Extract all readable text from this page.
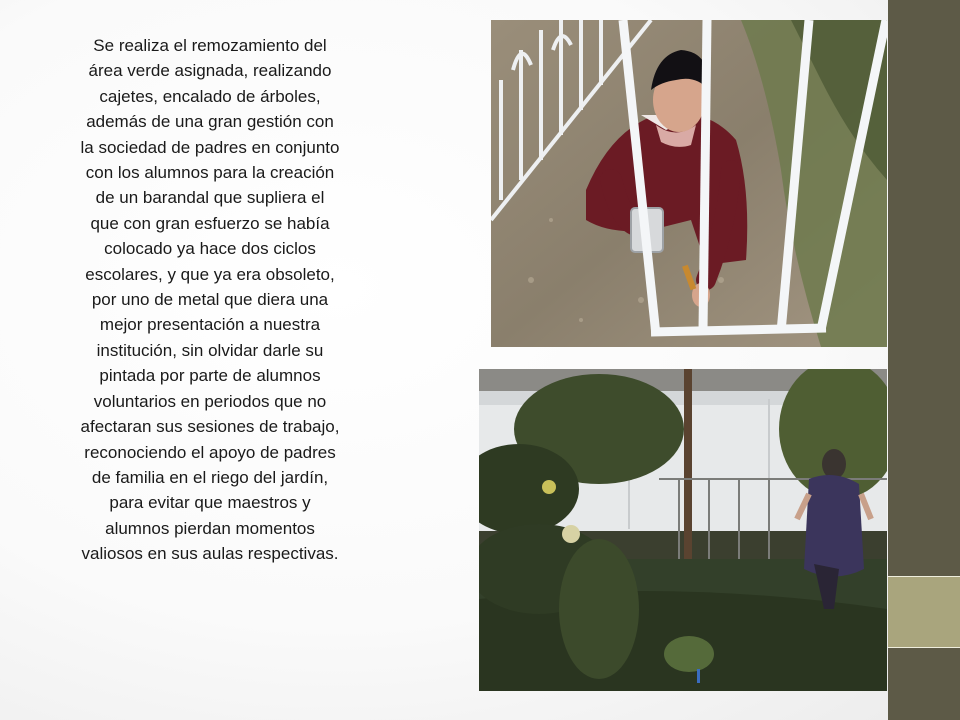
Se realiza el remozamiento del
área verde asignada, realizando
cajetes, encalado de árboles,
además de una gran gestión con
la sociedad de padres en conjunto
con los alumnos para la creación
de un barandal que supliera el
que con gran esfuerzo se había
colocado ya hace dos ciclos
escolares, y que ya era obsoleto,
por uno de metal que diera una
mejor presentación a nuestra
institución, sin olvidar darle su
pintada por parte de alumnos
voluntarios en periodos que no
afectaran sus sesiones de trabajo,
reconociendo el apoyo de padres
de familia en el riego del jardín,
para evitar que maestros y
alumnos pierdan momentos
valiosos en sus aulas respectivas.
